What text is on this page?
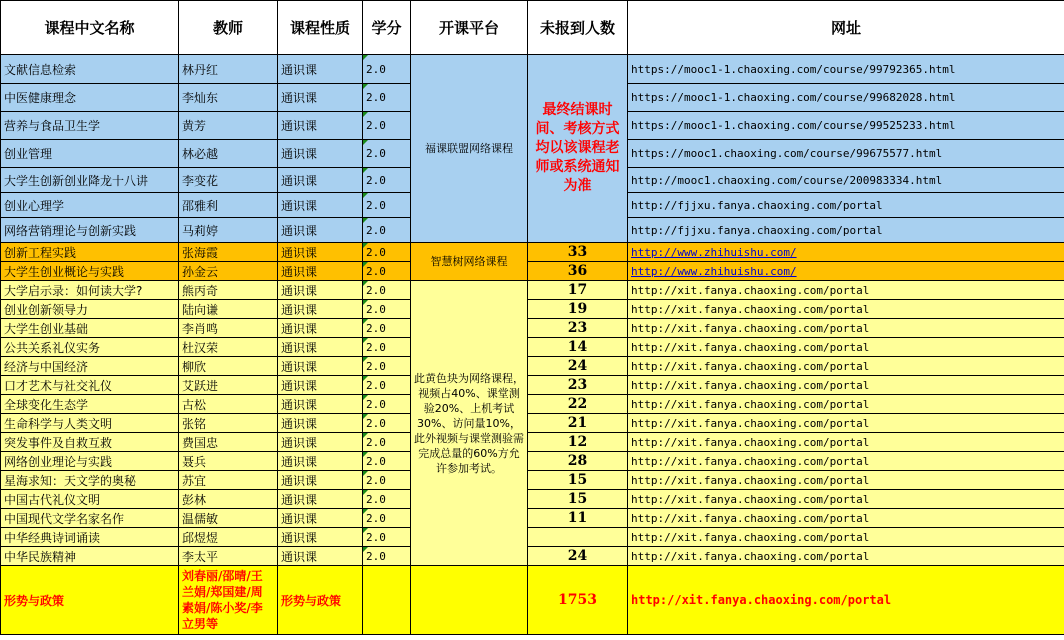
课程中文名称	教师	课程性质	学分	开课平台	未报到人数	网址
文献信息检索	林丹红	通识课	2.0	福课联盟网络课程	最终结课时间、考核方式均以该课程老师或系统通知为准	https://mooc1-1.chaoxing.com/course/99792365.html
中医健康理念	李灿东	通识课	2.0			https://mooc1-1.chaoxing.com/course/99682028.html
营养与食品卫生学	黄芳	通识课	2.0			https://mooc1-1.chaoxing.com/course/99525233.html
创业管理	林必越	通识课	2.0			https://mooc1.chaoxing.com/course/99675577.html
大学生创新创业降龙十八讲	李变花	通识课	2.0			http://mooc1.chaoxing.com/course/200983334.html
创业心理学	邵雅利	通识课	2.0			http://fjjxu.fanya.chaoxing.com/portal
网络营销理论与创新实践	马莉婷	通识课	2.0			http://fjjxu.fanya.chaoxing.com/portal
创新工程实践	张海霞	通识课	2.0	智慧树网络课程	33	http://www.zhihuishu.com/
大学生创业概论与实践	孙金云	通识课	2.0		36	http://www.zhihuishu.com/
大学启示录：如何读大学?	熊丙奇	通识课	2.0	此黄色块为网络课程，视频占40%、课堂测验20%、上机考试30%、访问量10%，此外视频与课堂测验需完成总量的60%方允许参加考试。	17	http://xit.fanya.chaoxing.com/portal
创业创新领导力	陆向谦	通识课	2.0		19	http://xit.fanya.chaoxing.com/portal
大学生创业基础	李肖鸣	通识课	2.0		23	http://xit.fanya.chaoxing.com/portal
公共关系礼仪实务	杜汉荣	通识课	2.0		14	http://xit.fanya.chaoxing.com/portal
经济与中国经济	柳欣	通识课	2.0		24	http://xit.fanya.chaoxing.com/portal
口才艺术与社交礼仪	艾跃进	通识课	2.0		23	http://xit.fanya.chaoxing.com/portal
全球变化生态学	古松	通识课	2.0		22	http://xit.fanya.chaoxing.com/portal
生命科学与人类文明	张铭	通识课	2.0		21	http://xit.fanya.chaoxing.com/portal
突发事件及自救互救	费国忠	通识课	2.0		12	http://xit.fanya.chaoxing.com/portal
网络创业理论与实践	聂兵	通识课	2.0		28	http://xit.fanya.chaoxing.com/portal
星海求知：天文学的奥秘	苏宜	通识课	2.0		15	http://xit.fanya.chaoxing.com/portal
中国古代礼仪文明	彭林	通识课	2.0		15	http://xit.fanya.chaoxing.com/portal
中国现代文学名家名作	温儒敏	通识课	2.0		11	http://xit.fanya.chaoxing.com/portal
中华经典诗词诵读	邱煜煜	通识课	2.0			http://xit.fanya.chaoxing.com/portal
中华民族精神	李太平	通识课	2.0		24	http://xit.fanya.chaoxing.com/portal
形势与政策	刘春丽/邵晴/王兰娟/郑国建/周素娟/陈小奖/李立男等	形势与政策			1753	http://xit.fanya.chaoxing.com/portal
